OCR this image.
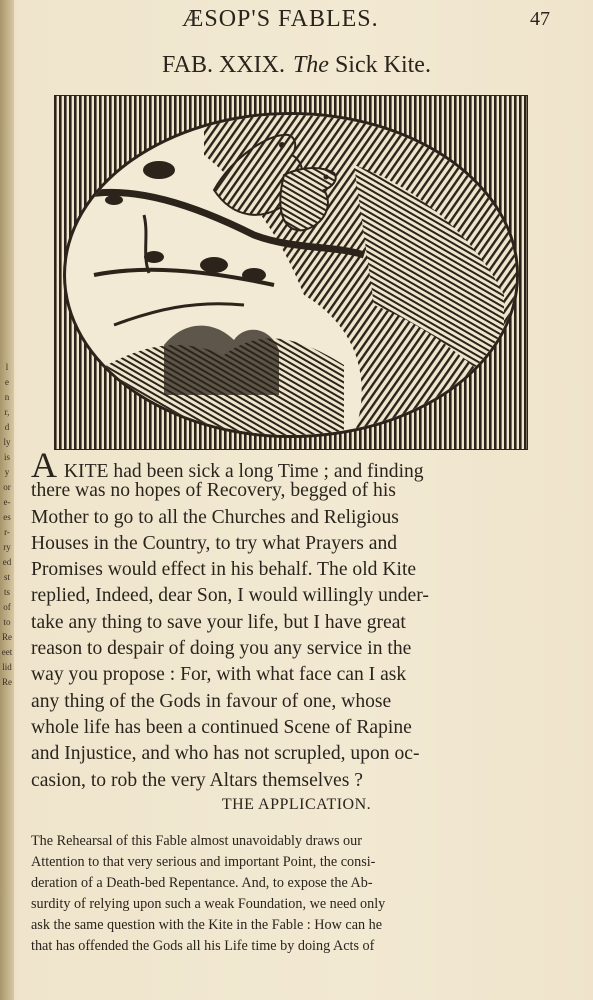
l
e
n
r,
d
ly
is
y
or
e-
es
r-
ry
ed
st
ts
of
to
Re
eet
lid
Re
ÆSOP'S FABLES.	47
FAB. XXIX. The Sick Kite.
A KITE had been sick a long Time ; and finding
there was no hopes of Recovery, begged of his
Mother to go to all the Churches and Religious
Houses in the Country, to try what Prayers and
Promises would effect in his behalf. The old Kite
replied, Indeed, dear Son, I would willingly under-
take any thing to save your life, but I have great
reason to despair of doing you any service in the
way you propose : For, with what face can I ask
any thing of the Gods in favour of one, whose
whole life has been a continued Scene of Rapine
and Injustice, and who has not scrupled, upon oc-
casion, to rob the very Altars themselves ?
THE APPLICATION.
The Rehearsal of this Fable almost unavoidably draws our
Attention to that very serious and important Point, the consi-
deration of a Death-bed Repentance. And, to expose the Ab-
surdity of relying upon such a weak Foundation, we need only
ask the same question with the Kite in the Fable : How can he
that has offended the Gods all his Life time by doing Acts of
